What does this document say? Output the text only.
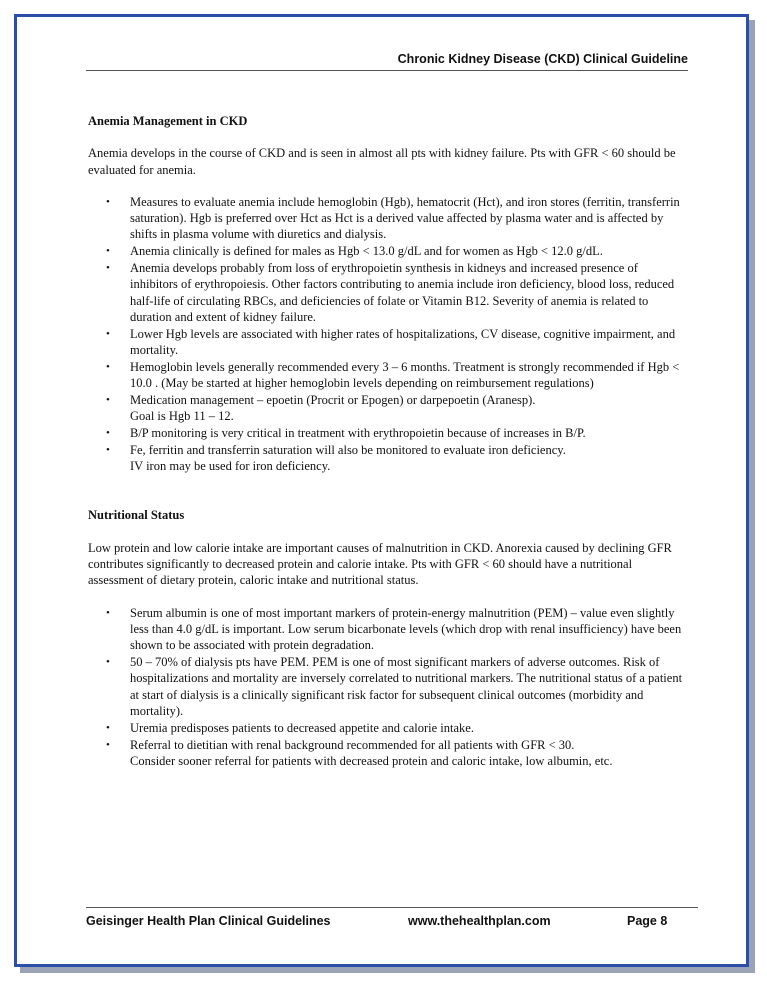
Chronic Kidney Disease (CKD) Clinical Guideline
Anemia Management in CKD

Anemia develops in the course of CKD and is seen in almost all pts with kidney failure. Pts with GFR < 60 should be evaluated for anemia.

• Measures to evaluate anemia include hemoglobin (Hgb), hematocrit (Hct), and iron stores (ferritin, transferrin saturation). Hgb is preferred over Hct as Hct is a derived value affected by plasma water and is affected by shifts in plasma volume with diuretics and dialysis.
• Anemia clinically is defined for males as Hgb < 13.0 g/dL and for women as Hgb < 12.0 g/dL.
• Anemia develops probably from loss of erythropoietin synthesis in kidneys and increased presence of inhibitors of erythropoiesis. Other factors contributing to anemia include iron deficiency, blood loss, reduced half-life of circulating RBCs, and deficiencies of folate or Vitamin B12. Severity of anemia is related to duration and extent of kidney failure.
• Lower Hgb levels are associated with higher rates of hospitalizations, CV disease, cognitive impairment, and mortality.
• Hemoglobin levels generally recommended every 3 – 6 months. Treatment is strongly recommended if Hgb < 10.0 . (May be started at higher hemoglobin levels depending on reimbursement regulations)
• Medication management – epoetin (Procrit or Epogen) or darpepoetin (Aranesp).
Goal is Hgb 11 – 12.
• B/P monitoring is very critical in treatment with erythropoietin because of increases in B/P.
• Fe, ferritin and transferrin saturation will also be monitored to evaluate iron deficiency.
IV iron may be used for iron deficiency.
Nutritional Status

Low protein and low calorie intake are important causes of malnutrition in CKD. Anorexia caused by declining GFR contributes significantly to decreased protein and calorie intake. Pts with GFR < 60 should have a nutritional assessment of dietary protein, caloric intake and nutritional status.

• Serum albumin is one of most important markers of protein-energy malnutrition (PEM) – value even slightly less than 4.0 g/dL is important. Low serum bicarbonate levels (which drop with renal insufficiency) have been shown to be associated with protein degradation.
• 50 – 70% of dialysis pts have PEM. PEM is one of most significant markers of adverse outcomes. Risk of hospitalizations and mortality are inversely correlated to nutritional markers. The nutritional status of a patient at start of dialysis is a clinically significant risk factor for subsequent clinical outcomes (morbidity and mortality).
• Uremia predisposes patients to decreased appetite and calorie intake.
• Referral to dietitian with renal background recommended for all patients with GFR < 30.
Consider sooner referral for patients with decreased protein and caloric intake, low albumin, etc.
Geisinger Health Plan Clinical Guidelines	www.thehealthplan.com	Page 8
